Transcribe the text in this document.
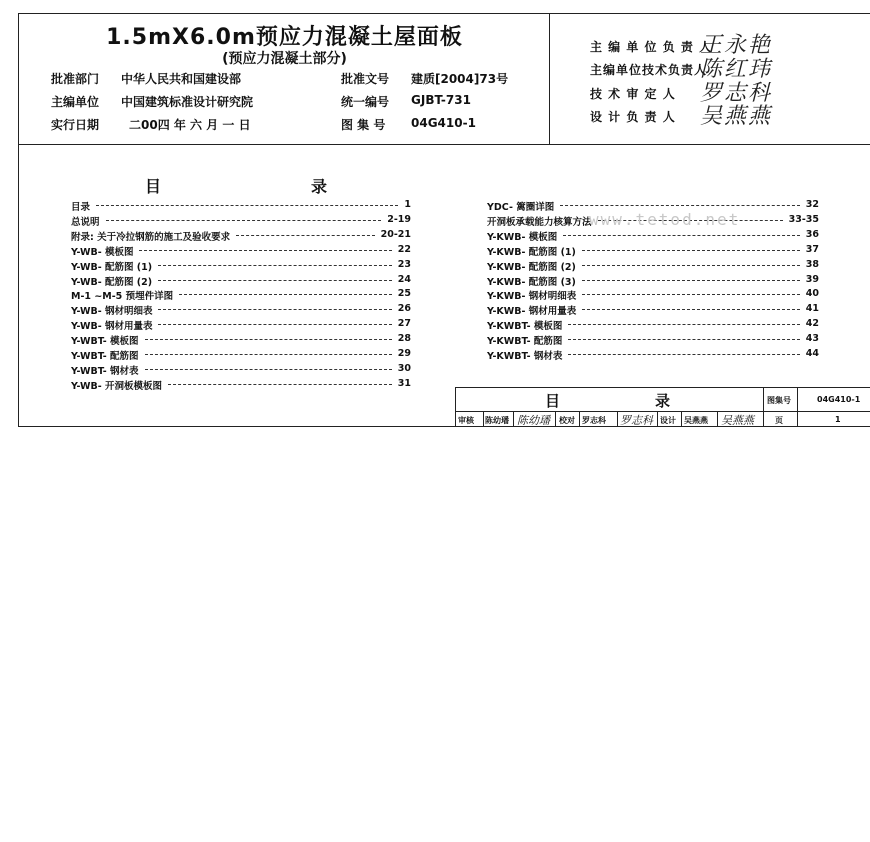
1.5mX6.0m预应力混凝土屋面板
(预应力混凝土部分)
批准部门 中华人民共和国建设部	批准文号 建质[2004]73号
主编单位 中国建筑标准设计研究院	统一编号 GJBT-731
实行日期 二00四 年 六 月 一 日	图 集 号 04G410-1
主 编 单 位 负 责 人
王永艳
主编单位技术负责人
陈红玮
技 术 审 定 人 罗志科
设 计 负 责 人 吴燕燕
目	录
目录	1
总说明	2-19
附录: 关于冷拉钢筋的施工及验收要求	20-21
Y-WB- 模板图	22
Y-WB- 配筋图 (1)	23
Y-WB- 配筋图 (2)	24
M-1 ~M-5 预埋件详图	25
Y-WB- 钢材明细表	26
Y-WB- 钢材用量表	27
Y-WBT- 模板图	28
Y-WBT- 配筋图	29
Y-WBT- 钢材表	30
Y-WB- 开洞板模板图	31
YDC- 篱圈详图	32
开洞板承载能力核算方法	33-35
Y-KWB- 模板图	36
Y-KWB- 配筋图 (1)	37
Y-KWB- 配筋图 (2)	38
Y-KWB- 配筋图 (3)	39
Y-KWB- 钢材明细表	40
Y-KWB- 钢材用量表	41
Y-KWBT- 模板图	42
Y-KWBT- 配筋图	43
Y-KWBT- 钢材表	44
www.tetod.net
目	录	图集号	04G410-1
审核 陈幼璠 陈幼璠 校对 罗志科 罗志科 设计 吴燕燕 吴燕燕	页	1
